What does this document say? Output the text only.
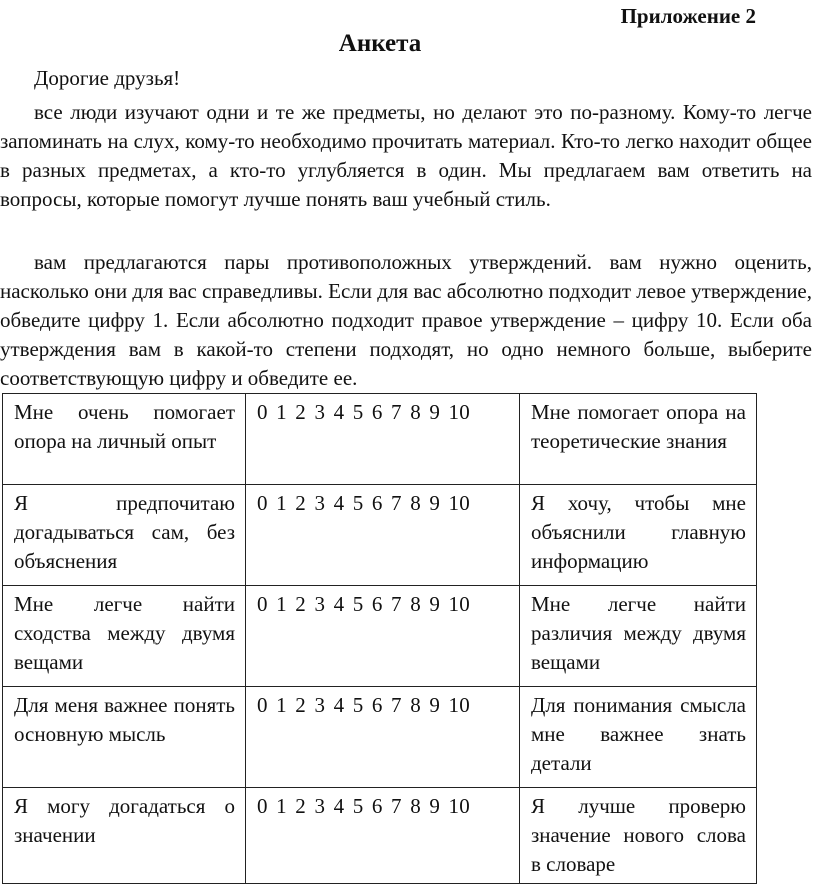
Приложение 2
Анкета
Дорогие друзья!
все люди изучают одни и те же предметы, но делают это по-разному. Кому-то легче запоминать на слух, кому-то необходимо прочитать материал. Кто-то легко находит общее в разных предметах, а кто-то углубляется в один. Мы предлагаем вам ответить на вопросы, которые помогут лучше понять ваш учебный стиль.
вам предлагаются пары противоположных утверждений. вам нужно оценить, насколько они для вас справедливы. Если для вас абсолютно подходит левое утверждение, обведите цифру 1. Если абсолютно подходит правое утверждение – цифру 10. Если оба утверждения вам в какой-то степени подходят, но одно немного больше, выберите соответствующую цифру и обведите ее.
Мне очень помогает опора на личный опыт	0 1 2 3 4 5 6 7 8 9 10	Мне помогает опора на теоретические знания
Я предпочитаю догадываться сам, без объяснения	0 1 2 3 4 5 6 7 8 9 10	Я хочу, чтобы мне объяснили главную информацию
Мне легче найти сходства между двумя вещами	0 1 2 3 4 5 6 7 8 9 10	Мне легче найти различия между двумя вещами
Для меня важнее понять основную мысль	0 1 2 3 4 5 6 7 8 9 10	Для понимания смысла мне важнее знать детали
Я могу догадаться о значении	0 1 2 3 4 5 6 7 8 9 10	Я лучше проверю значение нового слова в словаре
